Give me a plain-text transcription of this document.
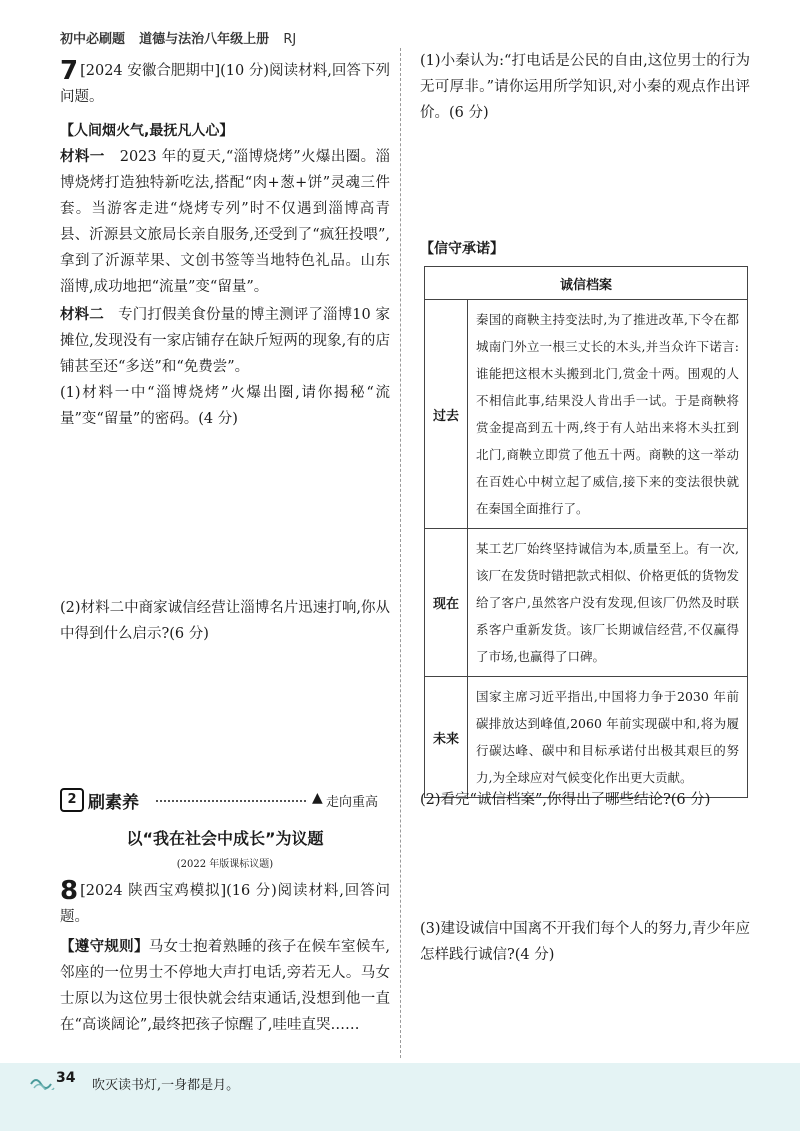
初中必刷题 道德与法治八年级上册 RJ
7 [2024 安徽合肥期中](10 分)阅读材料,回答下列问题。
【人间烟火气,最抚凡人心】
材料一 2023 年的夏天,“淄博烧烤”火爆出圈。淄博烧烤打造独特新吃法,搭配“肉+葱+饼”灵魂三件套。当游客走进“烧烤专列”时不仅遇到淄博高青县、沂源县文旅局长亲自服务,还受到了“疯狂投喂”,拿到了沂源苹果、文创书签等当地特色礼品。山东淄博,成功地把“流量”变“留量”。
材料二 专门打假美食份量的博主测评了淄博10 家摊位,发现没有一家店铺存在缺斤短两的现象,有的店铺甚至还“多送”和“免费尝”。
(1)材料一中“淄博烧烤”火爆出圈,请你揭秘“流量”变“留量”的密码。(4 分)
(2)材料二中商家诚信经营让淄博名片迅速打响,你从中得到什么启示?(6 分)
2 刷素养	▲ 走向重高
以“我在社会中成长”为议题
(2022 年版课标议题)
8 [2024 陕西宝鸡模拟](16 分)阅读材料,回答问题。
【遵守规则】马女士抱着熟睡的孩子在候车室候车,邻座的一位男士不停地大声打电话,旁若无人。马女士原以为这位男士很快就会结束通话,没想到他一直在“高谈阔论”,最终把孩子惊醒了,哇哇直哭……
(1)小秦认为:“打电话是公民的自由,这位男士的行为无可厚非。”请你运用所学知识,对小秦的观点作出评价。(6 分)
【信守承诺】
诚信档案	
过去	秦国的商鞅主持变法时,为了推进改革,下令在都城南门外立一根三丈长的木头,并当众许下诺言:谁能把这根木头搬到北门,赏金十两。围观的人不相信此事,结果没人肯出手一试。于是商鞅将赏金提高到五十两,终于有人站出来将木头扛到北门,商鞅立即赏了他五十两。商鞅的这一举动在百姓心中树立起了威信,接下来的变法很快就在秦国全面推行了。
现在	某工艺厂始终坚持诚信为本,质量至上。有一次,该厂在发货时错把款式相似、价格更低的货物发给了客户,虽然客户没有发现,但该厂仍然及时联系客户重新发货。该厂长期诚信经营,不仅赢得了市场,也赢得了口碑。
未来	国家主席习近平指出,中国将力争于2030 年前碳排放达到峰值,2060 年前实现碳中和,将为履行碳达峰、碳中和目标承诺付出极其艰巨的努力,为全球应对气候变化作出更大贡献。
(2)看完“诚信档案”,你得出了哪些结论?(6 分)
(3)建设诚信中国离不开我们每个人的努力,青少年应怎样践行诚信?(4 分)
34 吹灭读书灯,一身都是月。
